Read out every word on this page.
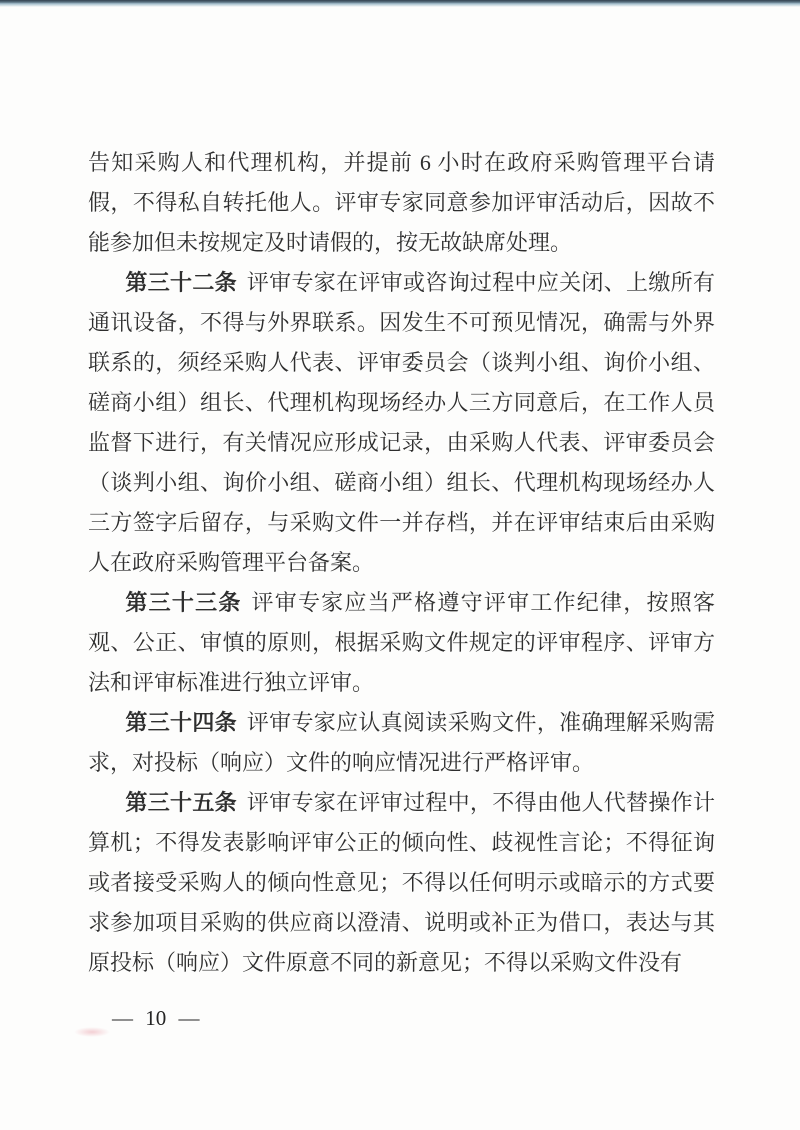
告知采购人和代理机构，并提前 6 小时在政府采购管理平台请假，不得私自转托他人。评审专家同意参加评审活动后，因故不能参加但未按规定及时请假的，按无故缺席处理。

第三十二条 评审专家在评审或咨询过程中应关闭、上缴所有通讯设备，不得与外界联系。因发生不可预见情况，确需与外界联系的，须经采购人代表、评审委员会（谈判小组、询价小组、磋商小组）组长、代理机构现场经办人三方同意后，在工作人员监督下进行，有关情况应形成记录，由采购人代表、评审委员会（谈判小组、询价小组、磋商小组）组长、代理机构现场经办人三方签字后留存，与采购文件一并存档，并在评审结束后由采购人在政府采购管理平台备案。

第三十三条 评审专家应当严格遵守评审工作纪律，按照客观、公正、审慎的原则，根据采购文件规定的评审程序、评审方法和评审标准进行独立评审。

第三十四条 评审专家应认真阅读采购文件，准确理解采购需求，对投标（响应）文件的响应情况进行严格评审。

第三十五条 评审专家在评审过程中，不得由他人代替操作计算机；不得发表影响评审公正的倾向性、歧视性言论；不得征询或者接受采购人的倾向性意见；不得以任何明示或暗示的方式要求参加项目采购的供应商以澄清、说明或补正为借口，表达与其原投标（响应）文件原意不同的新意见；不得以采购文件没有

— 10 —
